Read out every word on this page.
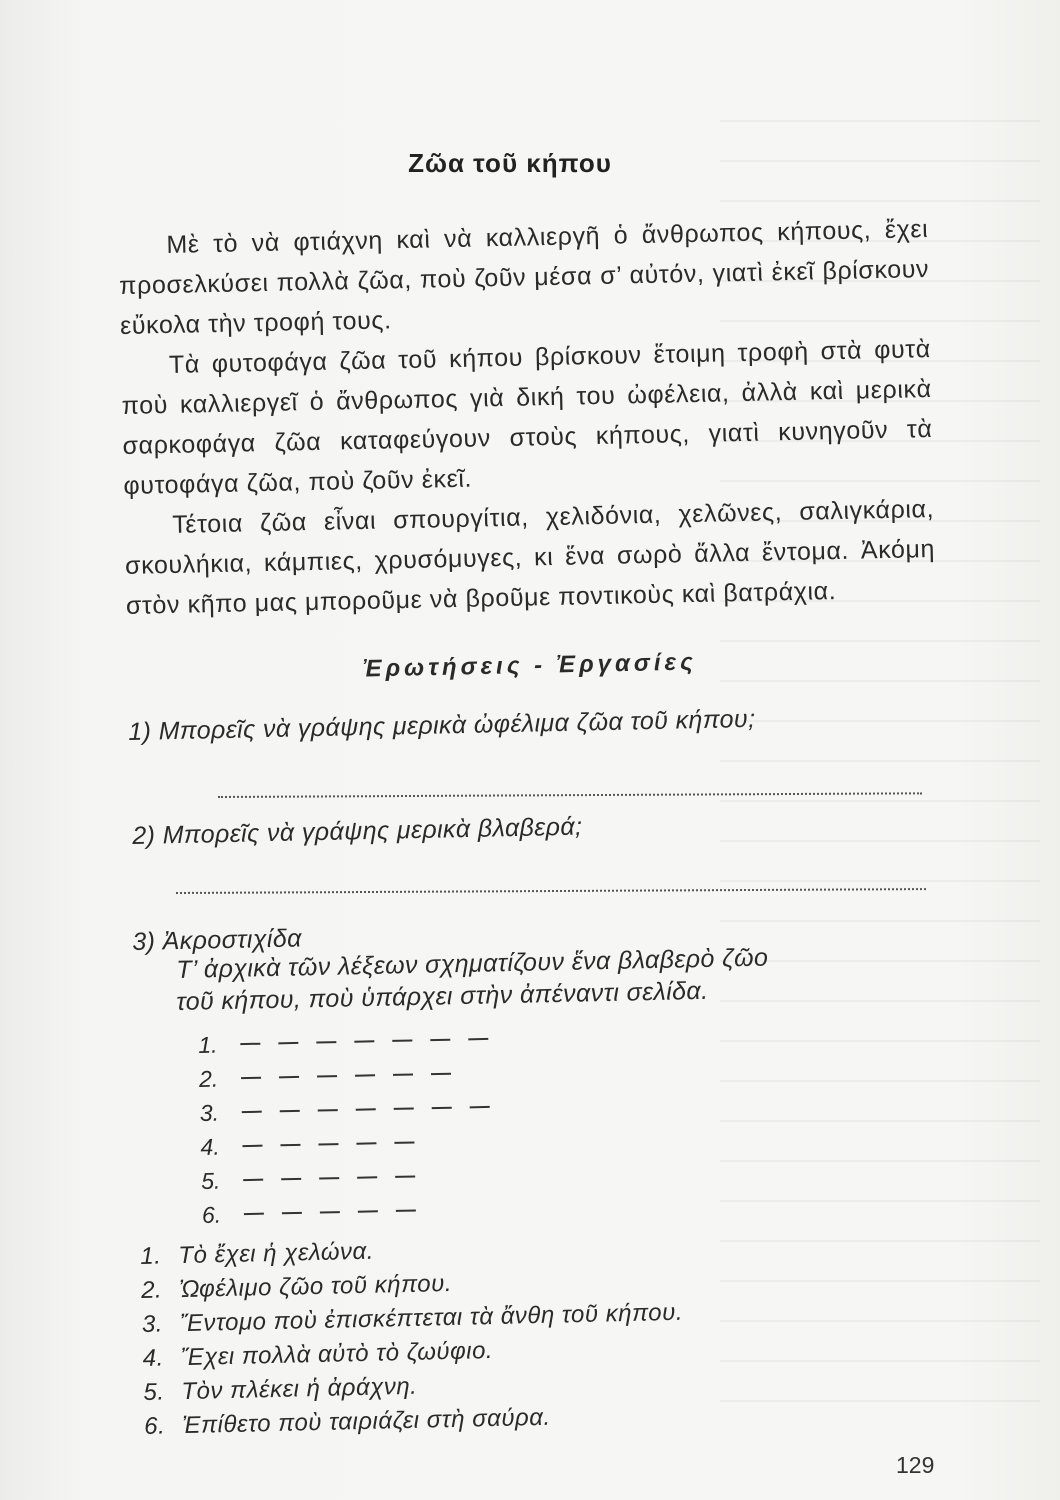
Ζῶα τοῦ κήπου

Μὲ τὸ νὰ φτιάχνη καὶ νὰ καλλιεργῆ ὁ ἄνθρωπος κήπους, ἔχει προσελκύσει πολλὰ ζῶα, ποὺ ζοῦν μέσα σ’ αὐτόν, γιατὶ ἐκεῖ βρίσκουν εὔκολα τὴν τροφή τους.

Τὰ φυτοφάγα ζῶα τοῦ κήπου βρίσκουν ἕτοιμη τροφὴ στὰ φυτὰ ποὺ καλλιεργεῖ ὁ ἄνθρωπος γιὰ δική του ὠφέλεια, ἀλλὰ καὶ μερικὰ σαρκοφάγα ζῶα καταφεύγουν στοὺς κήπους, γιατὶ κυνηγοῦν τὰ φυτοφάγα ζῶα, ποὺ ζοῦν ἐκεῖ.

Τέτοια ζῶα εἶναι σπουργίτια, χελιδόνια, χελῶνες, σαλιγκάρια, σκουλήκια, κάμπιες, χρυσόμυγες, κι ἕνα σωρὸ ἄλλα ἔντομα. Ἀκόμη στὸν κῆπο μας μποροῦμε νὰ βροῦμε ποντικοὺς καὶ βατράχια.

Ἐρωτήσεις - Ἐργασίες
1) Μπορεῖς νὰ γράψης μερικὰ ὠφέλιμα ζῶα τοῦ κήπου;
2) Μπορεῖς νὰ γράψης μερικὰ βλαβερά;
3) Ἀκροστιχίδα
Τ’ ἀρχικὰ τῶν λέξεων σχηματίζουν ἕνα βλαβερὸ ζῶο
τοῦ κήπου, ποὺ ὑπάρχει στὴν ἀπέναντι σελίδα.
1.
2.
3.
4.
5.
6.
1. Τὸ ἔχει ἡ χελώνα.
2. Ὠφέλιμο ζῶο τοῦ κήπου.
3. Ἔντομο ποὺ ἐπισκέπτεται τὰ ἄνθη τοῦ κήπου.
4. Ἔχει πολλὰ αὐτὸ τὸ ζωύφιο.
5. Τὸν πλέκει ἡ ἀράχνη.
6. Ἐπίθετο ποὺ ταιριάζει στὴ σαύρα.
129
